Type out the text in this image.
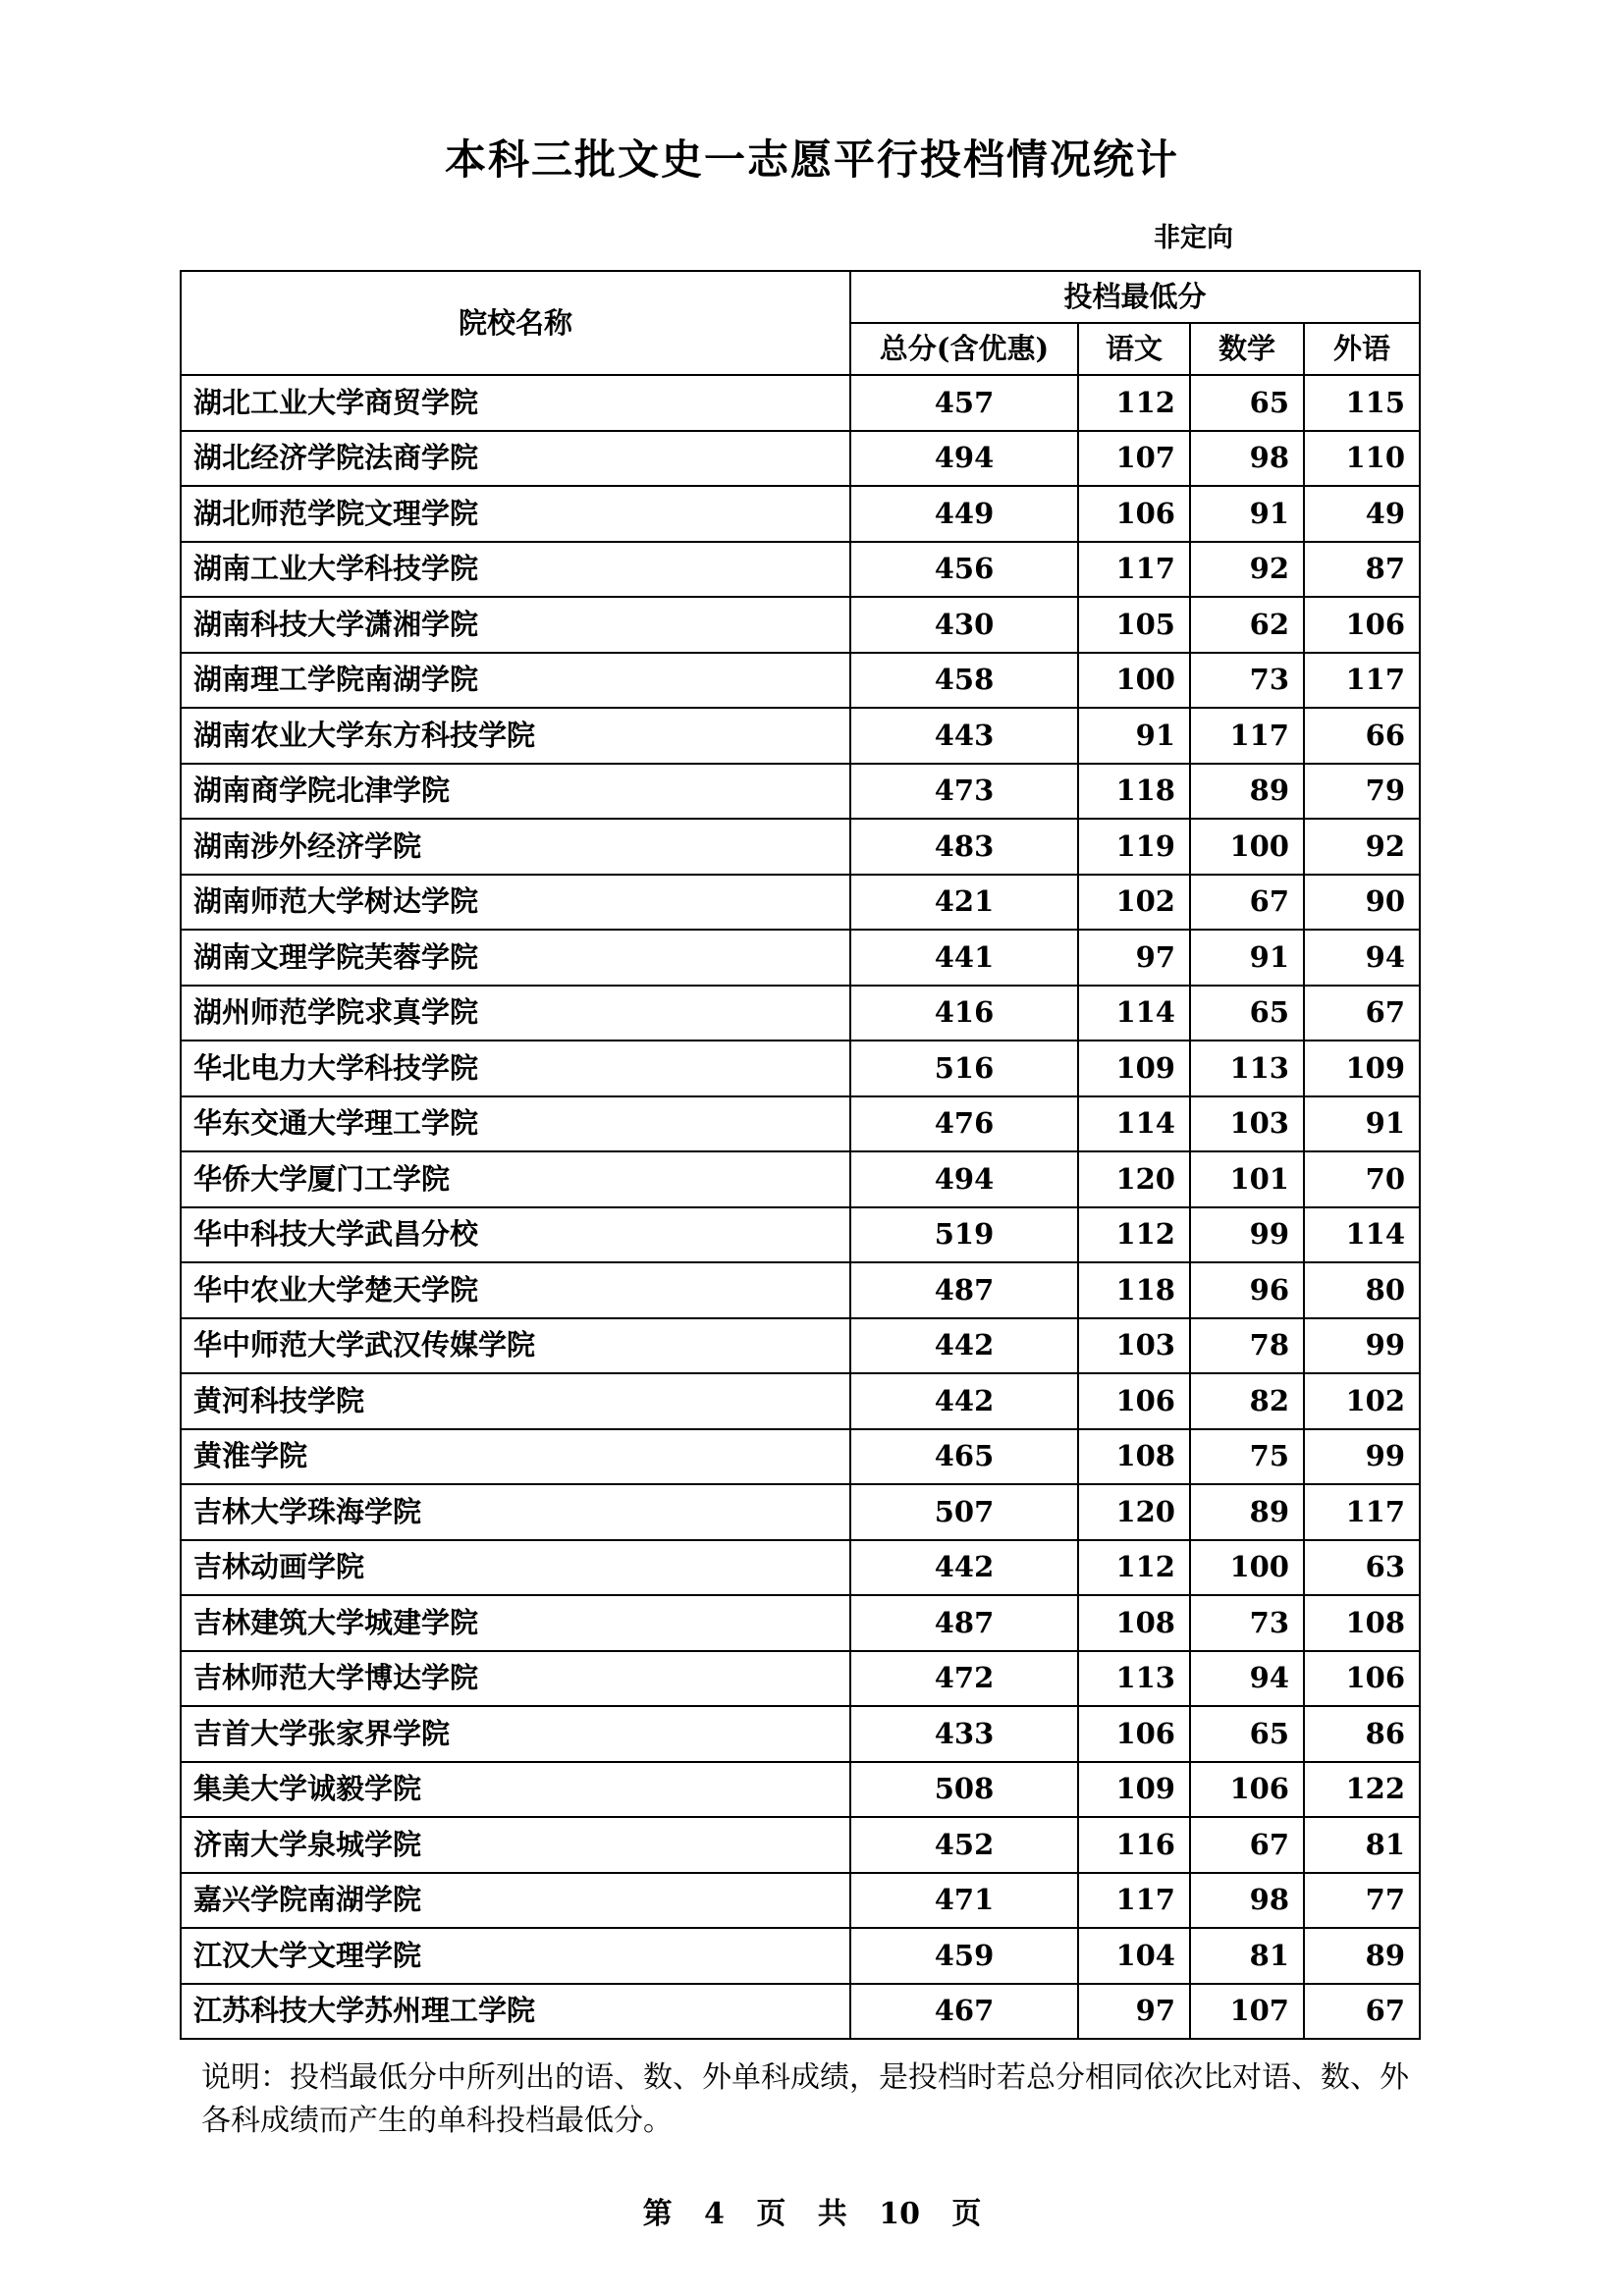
本科三批文史一志愿平行投档情况统计
非定向
院校名称	投档最低分			
	总分(含优惠)	语文	数学	外语
湖北工业大学商贸学院	457	112	65	115
湖北经济学院法商学院	494	107	98	110
湖北师范学院文理学院	449	106	91	49
湖南工业大学科技学院	456	117	92	87
湖南科技大学潇湘学院	430	105	62	106
湖南理工学院南湖学院	458	100	73	117
湖南农业大学东方科技学院	443	91	117	66
湖南商学院北津学院	473	118	89	79
湖南涉外经济学院	483	119	100	92
湖南师范大学树达学院	421	102	67	90
湖南文理学院芙蓉学院	441	97	91	94
湖州师范学院求真学院	416	114	65	67
华北电力大学科技学院	516	109	113	109
华东交通大学理工学院	476	114	103	91
华侨大学厦门工学院	494	120	101	70
华中科技大学武昌分校	519	112	99	114
华中农业大学楚天学院	487	118	96	80
华中师范大学武汉传媒学院	442	103	78	99
黄河科技学院	442	106	82	102
黄淮学院	465	108	75	99
吉林大学珠海学院	507	120	89	117
吉林动画学院	442	112	100	63
吉林建筑大学城建学院	487	108	73	108
吉林师范大学博达学院	472	113	94	106
吉首大学张家界学院	433	106	65	86
集美大学诚毅学院	508	109	106	122
济南大学泉城学院	452	116	67	81
嘉兴学院南湖学院	471	117	98	77
江汉大学文理学院	459	104	81	89
江苏科技大学苏州理工学院	467	97	107	67
说明：投档最低分中所列出的语、数、外单科成绩，是投档时若总分相同依次比对语、数、外各科成绩而产生的单科投档最低分。
第 4 页 共 10 页
